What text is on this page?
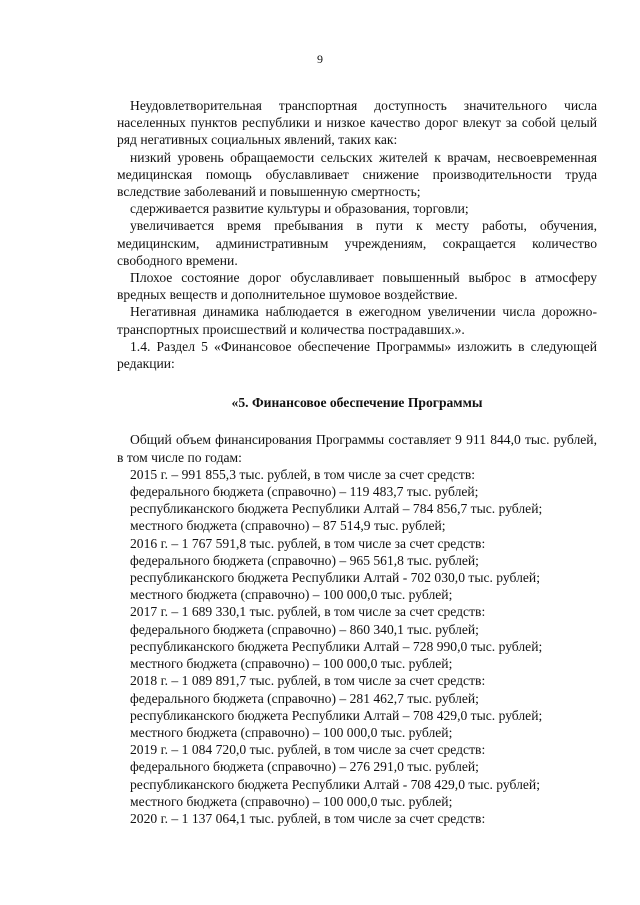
9

Неудовлетворительная транспортная доступность значительного числа населенных пунктов республики и низкое качество дорог влекут за собой целый ряд негативных социальных явлений, таких как:

низкий уровень обращаемости сельских жителей к врачам, несвоевременная медицинская помощь обуславливает снижение производительности труда вследствие заболеваний и повышенную смертность;

сдерживается развитие культуры и образования, торговли;

увеличивается время пребывания в пути к месту работы, обучения, медицинским, административным учреждениям, сокращается количество свободного времени.

Плохое состояние дорог обуславливает повышенный выброс в атмосферу вредных веществ и дополнительное шумовое воздействие.

Негативная динамика наблюдается в ежегодном увеличении числа дорожно-транспортных происшествий и количества пострадавших.».

1.4. Раздел 5 «Финансовое обеспечение Программы» изложить в следующей редакции:

«5. Финансовое обеспечение Программы

Общий объем финансирования Программы составляет 9 911 844,0 тыс. рублей, в том числе по годам:

2015 г. – 991 855,3 тыс. рублей, в том числе за счет средств:

федерального бюджета (справочно) – 119 483,7 тыс. рублей;

республиканского бюджета Республики Алтай – 784 856,7 тыс. рублей;

местного бюджета (справочно) – 87 514,9 тыс. рублей;

2016 г. – 1 767 591,8 тыс. рублей, в том числе за счет средств:

федерального бюджета (справочно) – 965 561,8 тыс. рублей;

республиканского бюджета Республики Алтай - 702 030,0 тыс. рублей;

местного бюджета (справочно) – 100 000,0 тыс. рублей;

2017 г. – 1 689 330,1 тыс. рублей, в том числе за счет средств:

федерального бюджета (справочно) – 860 340,1 тыс. рублей;

республиканского бюджета Республики Алтай – 728 990,0 тыс. рублей;

местного бюджета (справочно) – 100 000,0 тыс. рублей;

2018 г. – 1 089 891,7 тыс. рублей, в том числе за счет средств:

федерального бюджета (справочно) – 281 462,7 тыс. рублей;

республиканского бюджета Республики Алтай – 708 429,0 тыс. рублей;

местного бюджета (справочно) – 100 000,0 тыс. рублей;

2019 г. – 1 084 720,0 тыс. рублей, в том числе за счет средств:

федерального бюджета (справочно) – 276 291,0 тыс. рублей;

республиканского бюджета Республики Алтай - 708 429,0 тыс. рублей;

местного бюджета (справочно) – 100 000,0 тыс. рублей;

2020 г. – 1 137 064,1 тыс. рублей, в том числе за счет средств:
